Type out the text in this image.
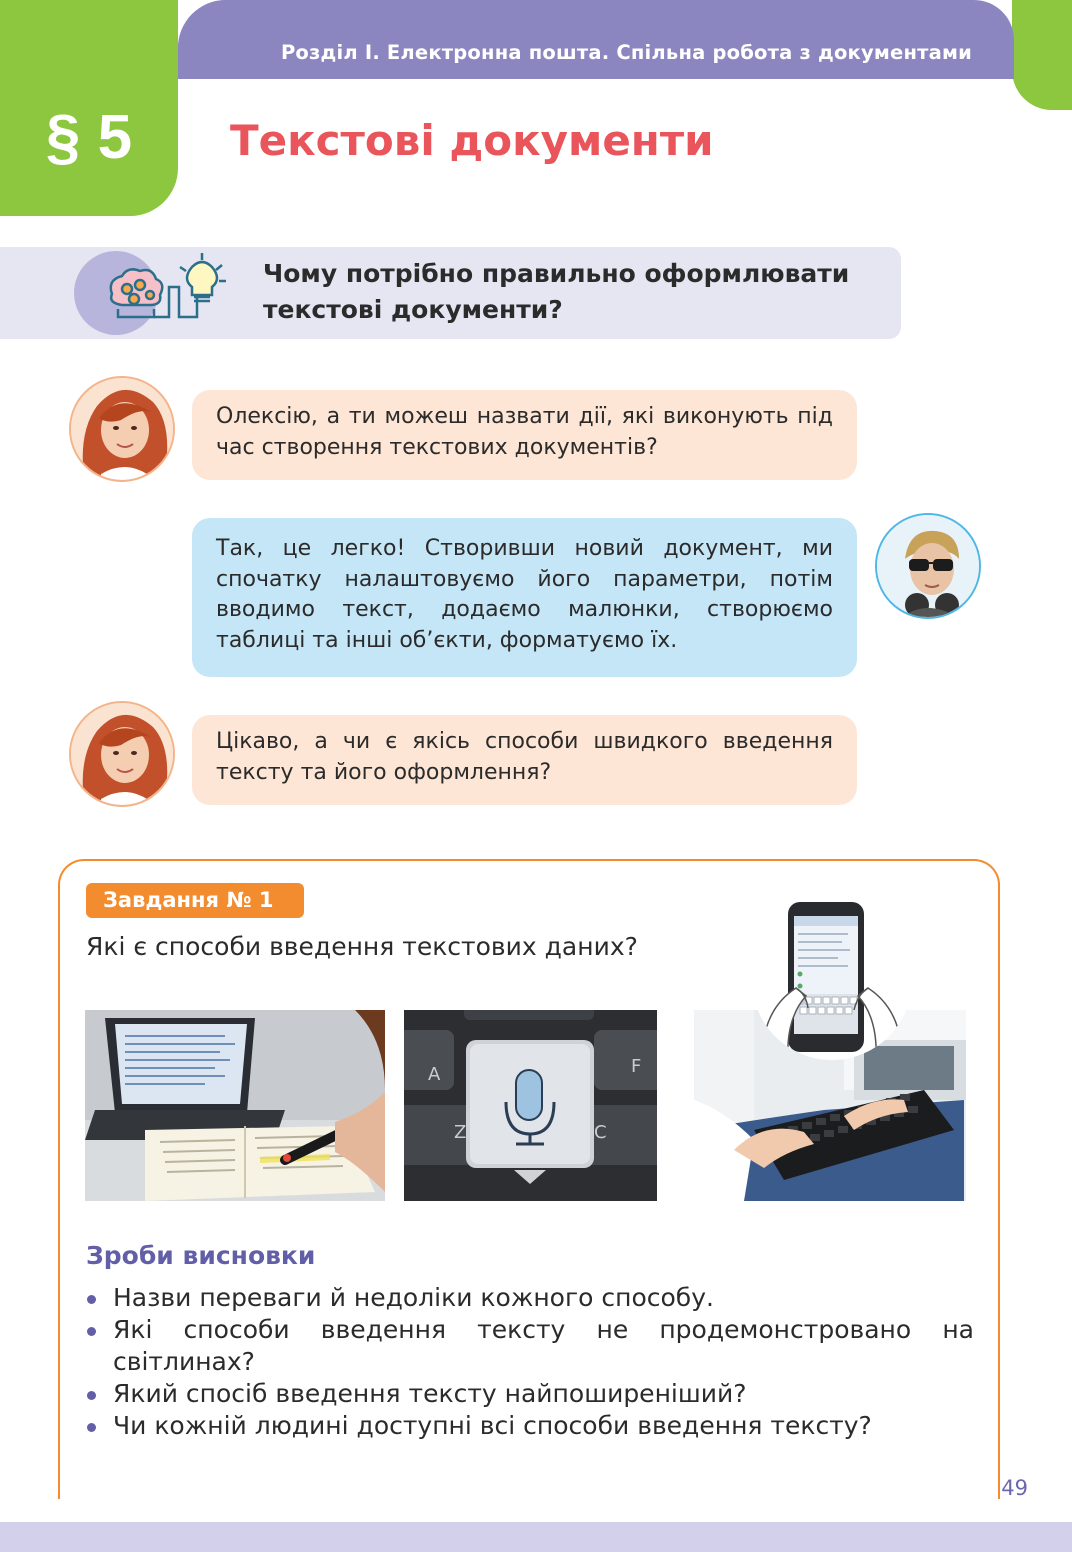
Розділ І. Електронна пошта. Спільна робота з документами
§ 5	Текстові документи
Чому потрібно правильно оформлювати текстові документи?
Олексію, а ти можеш назвати дії, які виконують під час створення текстових документів?
Так, це легко! Створивши новий документ, ми спочатку налаштовуємо його параметри, потім вводимо текст, додаємо малюнки, створюємо таблиці та інші об’єкти, форматуємо їх.
Цікаво, а чи є якісь способи швидкого введення тексту та його оформлення?
Завдання № 1
Які є способи введення текстових даних?
A	F
Z	C
Зроби висновки
Назви переваги й недоліки кожного способу.
Які способи введення тексту не продемонстровано на світлинах?
Який спосіб введення тексту найпоширеніший?
Чи кожній людині доступні всі способи введення тексту?
49
